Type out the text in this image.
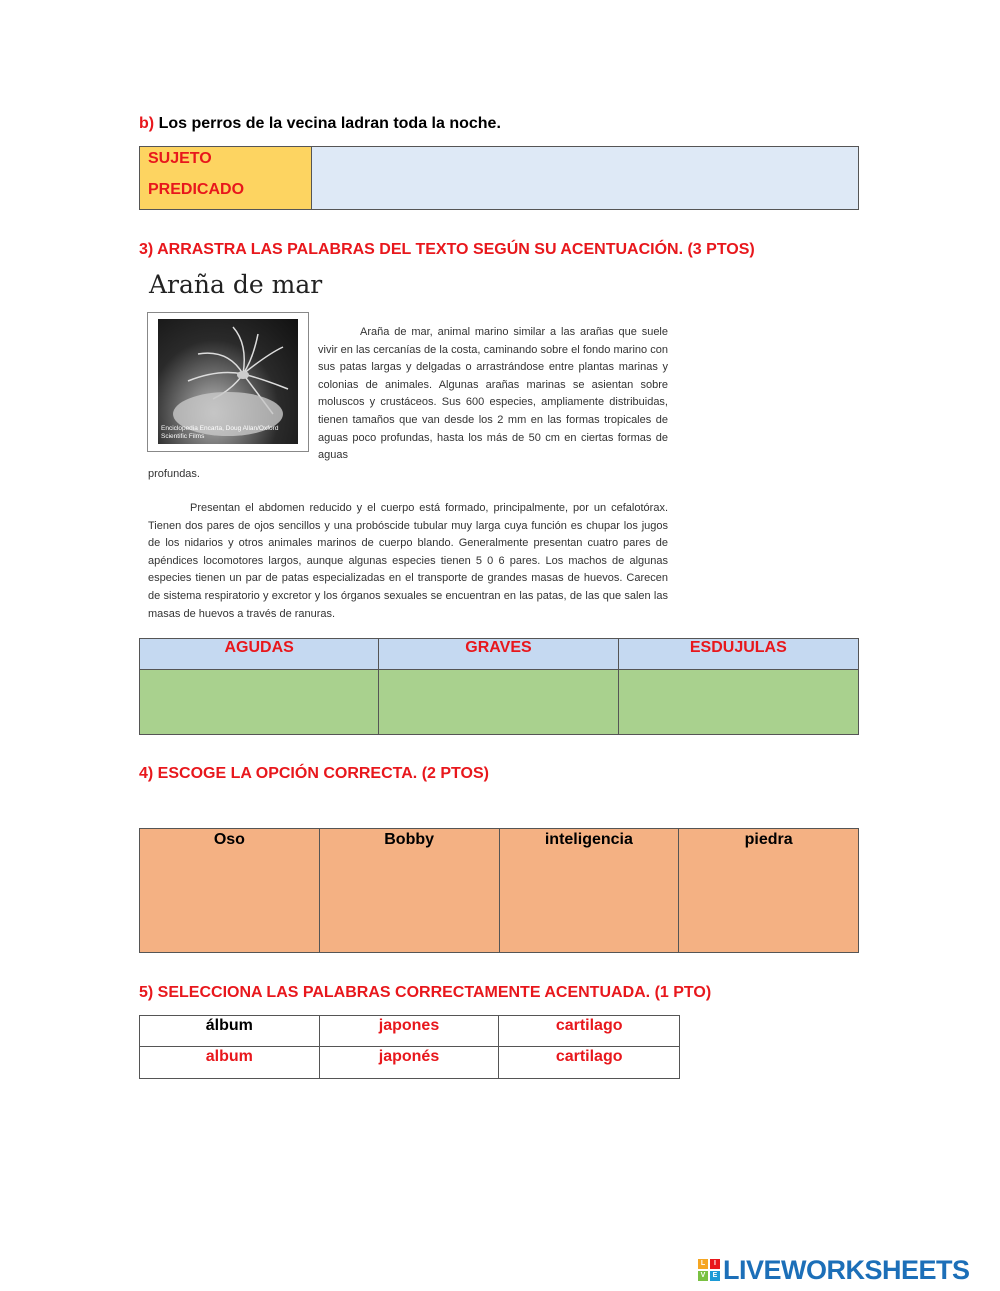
b) Los perros de la vecina ladran toda la noche.
SUJETO
PREDICADO
3) ARRASTRA LAS PALABRAS DEL TEXTO SEGÚN SU ACENTUACIÓN. (3 PTOS)
Araña de mar
Enciclopedia Encarta, Doug Allan/Oxford Scientific Films
Araña de mar, animal marino similar a las arañas que suele vivir en las cercanías de la costa, caminando sobre el fondo marino con sus patas largas y delgadas o arrastrándose entre plantas marinas y colonias de animales. Algunas arañas marinas se asientan sobre moluscos y crustáceos. Sus 600 especies, ampliamente distribuidas, tienen tamaños que van desde los 2 mm en las formas tropicales de aguas poco profundas, hasta los más de 50 cm en ciertas formas de aguas
profundas.
Presentan el abdomen reducido y el cuerpo está formado, principalmente, por un cefalotórax. Tienen dos pares de ojos sencillos y una probóscide tubular muy larga cuya función es chupar los jugos de los nidarios y otros animales marinos de cuerpo blando. Generalmente presentan cuatro pares de apéndices locomotores largos, aunque algunas especies tienen 5 0 6 pares. Los machos de algunas especies tienen un par de patas especializadas en el transporte de grandes masas de huevos. Carecen de sistema respiratorio y excretor y los órganos sexuales se encuentran en las patas, de las que salen las masas de huevos a través de ranuras.
AGUDAS	GRAVES	ESDUJULAS
4) ESCOGE LA OPCIÓN CORRECTA. (2 PTOS)
Oso	Bobby	inteligencia	piedra
5) SELECCIONA LAS PALABRAS CORRECTAMENTE ACENTUADA. (1 PTO)
álbum	japones	cartilago
album	japonés	cartilago
L	I
V	E LIVEWORKSHEETS
